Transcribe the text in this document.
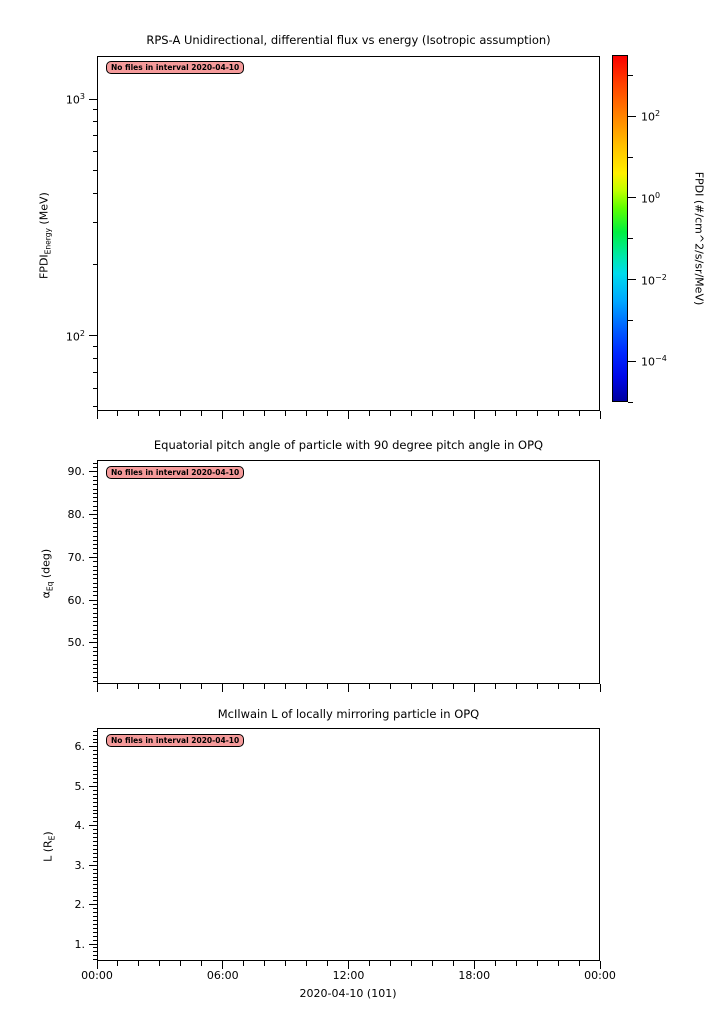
RPS-A Unidirectional, differential flux vs energy (Isotropic assumption)
No files in interval 2020-04-10
$FPDI_{Energy}$ (MeV)	FPDI (#/cm^2/s/sr/MeV)
Equatorial pitch angle of particle with 90 degree pitch angle in OPQ
No files in interval 2020-04-10
$\alpha_{Eq}$ (deg)
McIlwain L of locally mirroring particle in OPQ
No files in interval 2020-04-10
L $(R_E)$
2020-04-10 (101)
00:00	06:00	12:00	18:00	00:00
$10^2$
$10^3$
50.
60.
70.
80.
90.
1.
2.
3.
4.
5.
6.
$10^2$
$10^0$
$10^{-2}$
$10^{-4}$
